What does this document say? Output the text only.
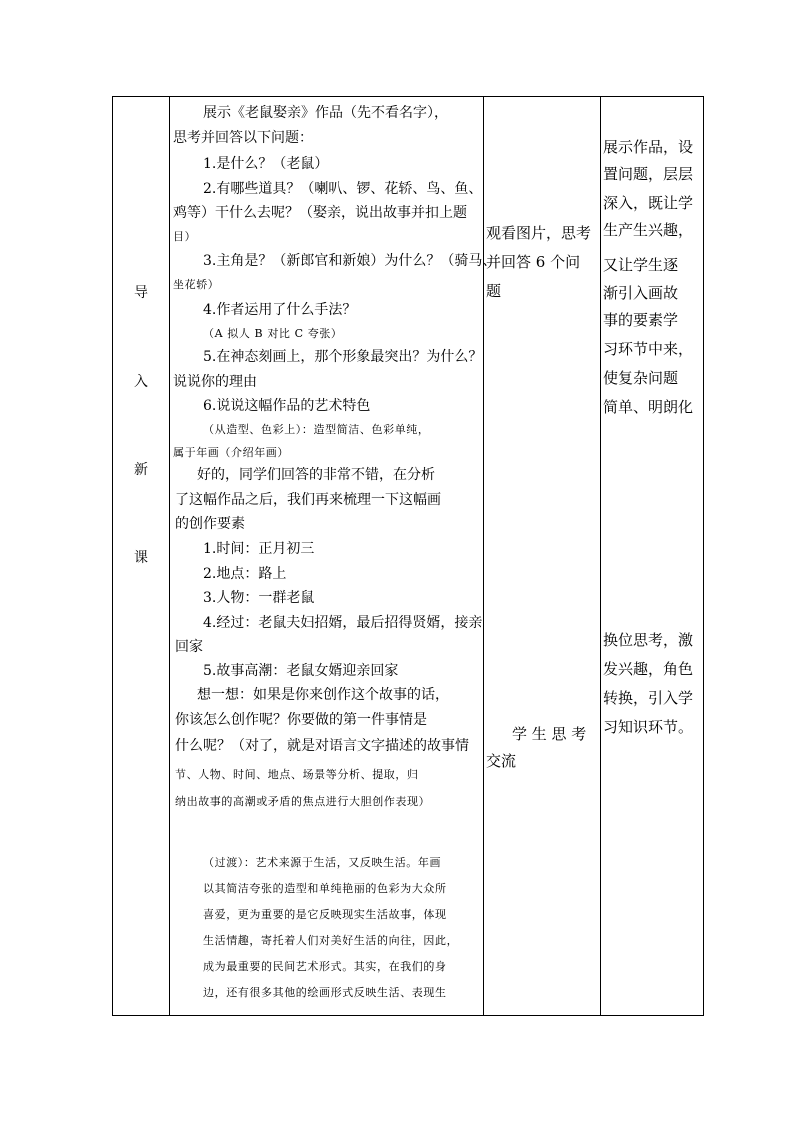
导
入
新
课
展示《老鼠娶亲》作品（先不看名字），
思考并回答以下问题：
1.是什么？（老鼠）
2.有哪些道具？（喇叭、锣、花轿、鸟、鱼、
鸡等）干什么去呢？（娶亲，说出故事并扣上题
目）
3.主角是？（新郎官和新娘）为什么？（骑马、
坐花轿）
4.作者运用了什么手法？
（A 拟人 B 对比 C 夸张）
5.在神态刻画上，那个形象最突出？为什么？
说说你的理由
6.说说这幅作品的艺术特色
（从造型、色彩上）：造型简洁、色彩单纯，
属于年画（介绍年画）
好的，同学们回答的非常不错，在分析
了这幅作品之后，我们再来梳理一下这幅画
的创作要素
1.时间：正月初三
2.地点：路上
3.人物：一群老鼠
4.经过：老鼠夫妇招婿，最后招得贤婿，接亲
回家
5.故事高潮：老鼠女婿迎亲回家
想一想：如果是你来创作这个故事的话，
你该怎么创作呢？你要做的第一件事情是
什么呢？（对了，就是对语言文字描述的故事情
节、人物、时间、地点、场景等分析、提取，归
纳出故事的高潮或矛盾的焦点进行大胆创作表现）
（过渡）：艺术来源于生活，又反映生活。年画
以其简洁夸张的造型和单纯艳丽的色彩为大众所
喜爱，更为重要的是它反映现实生活故事，体现
生活情趣，寄托着人们对美好生活的向往，因此，
成为最重要的民间艺术形式。其实，在我们的身
边，还有很多其他的绘画形式反映生活、表现生
观看图片，思考
并回答 6 个问
题
学 生 思 考
交流
展示作品，设
置问题，层层
深入，既让学
生产生兴趣，
又让学生逐
渐引入画故
事的要素学
习环节中来，
使复杂问题
简单、明朗化
换位思考，激
发兴趣，角色
转换，引入学
习知识环节。
